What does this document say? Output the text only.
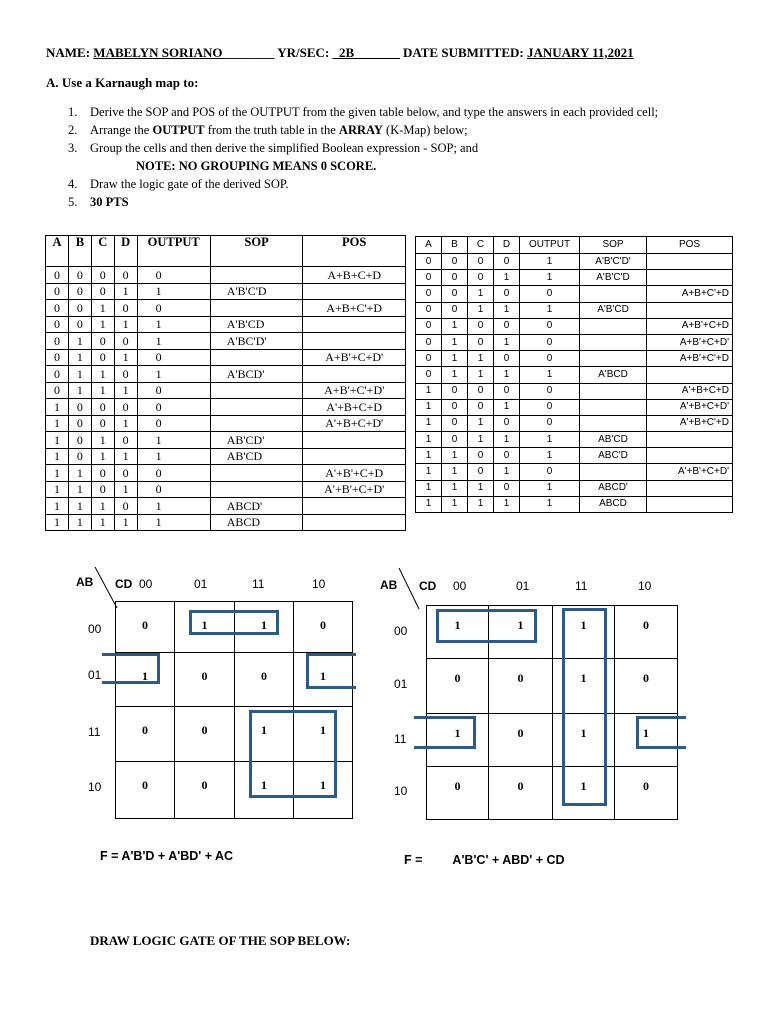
NAME: MABELYN SORIANO________ YR/SEC: _2B_______ DATE SUBMITTED: JANUARY 11,2021
A. Use a Karnaugh map to:
1. Derive the SOP and POS of the OUTPUT from the given table below, and type the answers in each provided cell;
2. Arrange the OUTPUT from the truth table in the ARRAY (K-Map) below;
3. Group the cells and then derive the simplified Boolean expression - SOP; and
NOTE: NO GROUPING MEANS 0 SCORE.
4. Draw the logic gate of the derived SOP.
5. 30 PTS
A	B	C	D	OUTPUT	SOP	POS
0	0	0	0	0		A+B+C+D
0	0	0	1	1	A'B'C'D	
0	0	1	0	0		A+B+C'+D
0	0	1	1	1	A'B'CD	
0	1	0	0	1	A'BC'D'	
0	1	0	1	0		A+B'+C+D'
0	1	1	0	1	A'BCD'	
0	1	1	1	0		A+B'+C'+D'
1	0	0	0	0		A'+B+C+D
1	0	0	1	0		A'+B+C+D'
1	0	1	0	1	AB'CD'	
1	0	1	1	1	AB'CD	
1	1	0	0	0		A'+B'+C+D
1	1	0	1	0		A'+B'+C+D'
1	1	1	0	1	ABCD'	
1	1	1	1	1	ABCD	
A	B	C	D	OUTPUT	SOP	POS
0	0	0	0	1	A'B'C'D'	
0	0	0	1	1	A'B'C'D	
0	0	1	0	0		A+B+C'+D
0	0	1	1	1	A'B'CD	
0	1	0	0	0		A+B'+C+D
0	1	0	1	0		A+B'+C+D'
0	1	1	0	0		A+B'+C'+D
0	1	1	1	1	A'BCD	
1	0	0	0	0		A'+B+C+D
1	0	0	1	0		A'+B+C+D'
1	0	1	0	0		A'+B+C'+D
1	0	1	1	1	AB'CD	
1	1	0	0	1	ABC'D	
1	1	0	1	0		A'+B'+C+D'
1	1	1	0	1	ABCD'	
1	1	1	1	1	ABCD	
AB CD 00	01	11	10
00
01
11
10
0	1	1	0
1	0	0	1
0	0	1	1
0	0	1	1
F = A'B'D + A'BD' + AC
AB CD 00	01	11	10
00
01
11
10
1	1	1	0
0	0	1	0
1	0	1	1
0	0	1	0
F = A'B'C' + ABD' + CD
DRAW LOGIC GATE OF THE SOP BELOW:
